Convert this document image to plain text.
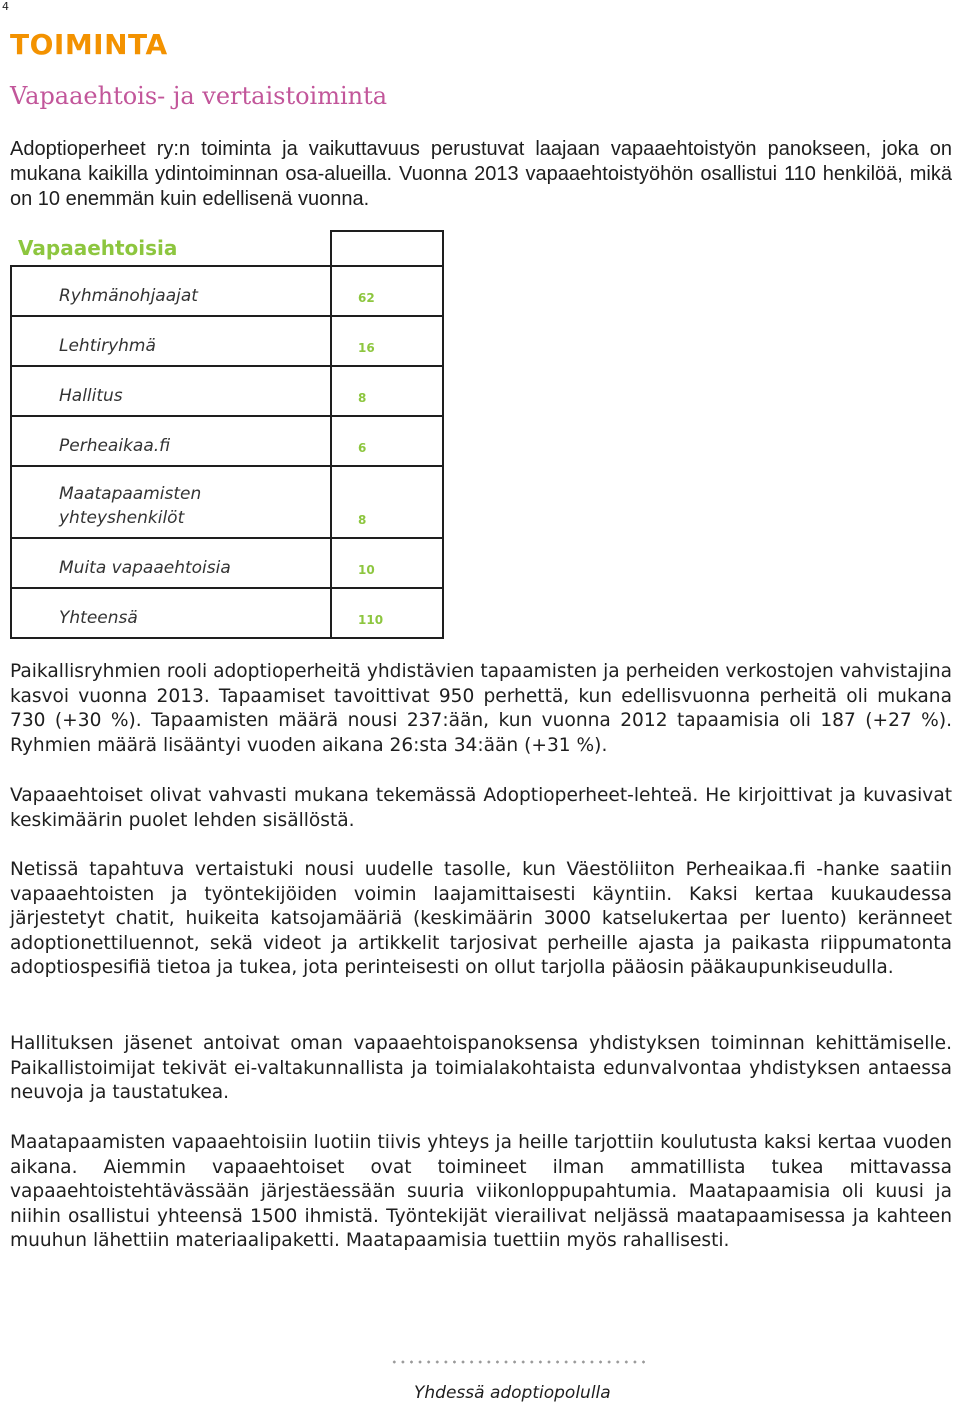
4
TOIMINTA
Vapaaehtois- ja vertaistoiminta

Adoptioperheet ry:n toiminta ja vaikuttavuus perustuvat laajaan vapaaehtoistyön panokseen, joka on mukana kaikilla ydintoiminnan osa-alueilla. Vuonna 2013 vapaaehtoistyöhön osallistui 110 henkilöä, mikä on 10 enemmän kuin edellisenä vuonna.

Vapaaehtoisia

Ryhmänohjaajat	62
Lehtiryhmä	16
Hallitus	8
Perheaikaa.fi	6
Maatapaamisten yhteyshenkilöt	8
Muita vapaaehtoisia	10
Yhteensä	110

Paikallisryhmien rooli adoptioperheitä yhdistävien tapaamisten ja perheiden verkostojen vahvistajina kasvoi vuonna 2013. Tapaamiset tavoittivat 950 perhettä, kun edellisvuonna perheitä oli mukana 730 (+30 %). Tapaamisten määrä nousi 237:ään, kun vuonna 2012 tapaamisia oli 187 (+27 %). Ryhmien määrä lisääntyi vuoden aikana 26:sta 34:ään (+31 %).

Vapaaehtoiset olivat vahvasti mukana tekemässä Adoptioperheet-lehteä. He kirjoittivat ja kuvasivat keskimäärin puolet lehden sisällöstä.

Netissä tapahtuva vertaistuki nousi uudelle tasolle, kun Väestöliiton Perheaikaa.fi -hanke saatiin vapaaehtoisten ja työntekijöiden voimin laajamittaisesti käyntiin. Kaksi kertaa kuukaudessa järjestetyt chatit, huikeita katsojamääriä (keskimäärin 3000 katselukertaa per luento) keränneet adoptionettiluennot, sekä videot ja artikkelit tarjosivat perheille ajasta ja paikasta riippumatonta adoptiospesifiä tietoa ja tukea, jota perinteisesti on ollut tarjolla pääosin pääkaupunkiseudulla.

Hallituksen jäsenet antoivat oman vapaaehtoispanoksensa yhdistyksen toiminnan kehittämiselle. Paikallistoimijat tekivät ei-valtakunnallista ja toimialakohtaista edunvalvontaa yhdistyksen antaessa neuvoja ja taustatukea.

Maatapaamisten vapaaehtoisiin luotiin tiivis yhteys ja heille tarjottiin koulutusta kaksi kertaa vuoden aikana. Aiemmin vapaaehtoiset ovat toimineet ilman ammatillista tukea mittavassa vapaaehtoistehtävässään järjestäessään suuria viikonloppupahtumia. Maatapaamisia oli kuusi ja niihin osallistui yhteensä 1500 ihmistä. Työntekijät vierailivat neljässä maatapaamisessa ja kahteen muuhun lähettiin materiaalipaketti. Maatapaamisia tuettiin myös rahallisesti.

Yhdessä adoptiopolulla
